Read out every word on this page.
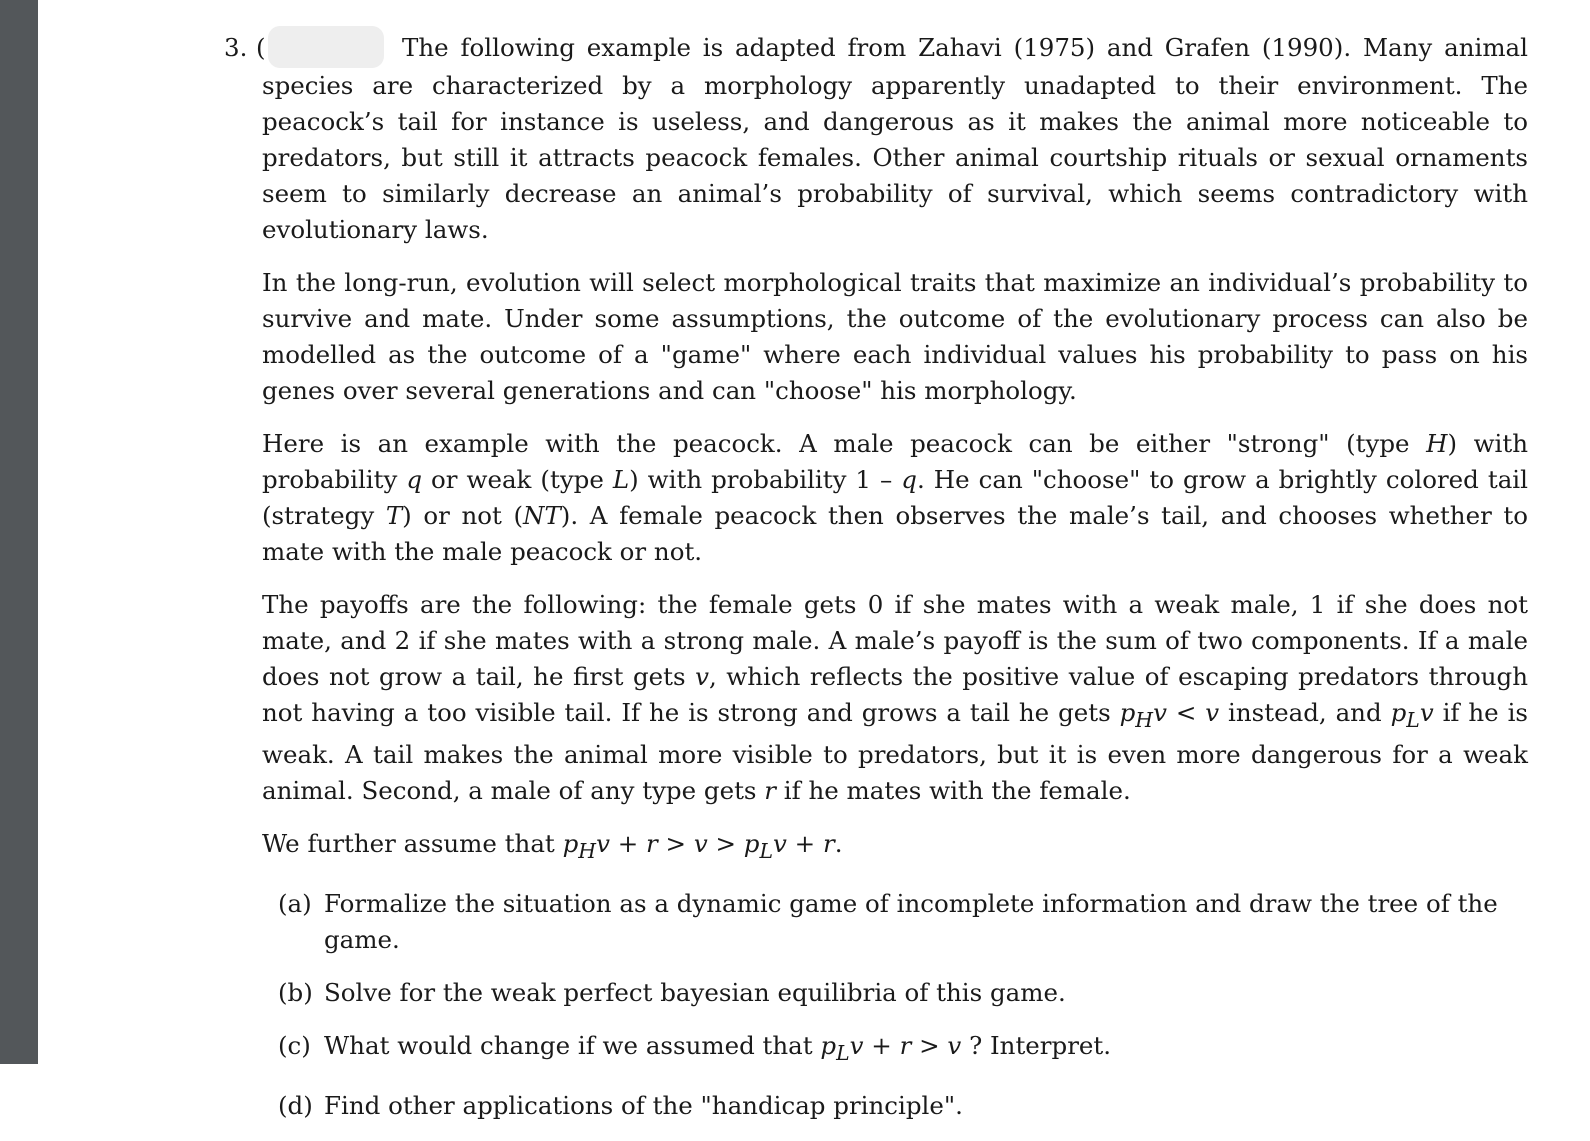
3. (	The following example is adapted from Zahavi (1975) and Grafen (1990). Many animal species are characterized by a morphology apparently unadapted to their environment. The peacock’s tail for instance is useless, and dangerous as it makes the animal more noticeable to predators, but still it attracts peacock females. Other animal courtship rituals or sexual ornaments seem to similarly decrease an animal’s probability of survival, which seems contradictory with evolutionary laws.

In the long-run, evolution will select morphological traits that maximize an individual’s probability to survive and mate. Under some assumptions, the outcome of the evolutionary process can also be modelled as the outcome of a "game" where each individual values his probability to pass on his genes over several generations and can "choose" his morphology.

Here is an example with the peacock. A male peacock can be either "strong" (type H) with probability q or weak (type L) with probability 1 – q. He can "choose" to grow a brightly colored tail (strategy T) or not (NT). A female peacock then observes the male’s tail, and chooses whether to mate with the male peacock or not.

The payoffs are the following: the female gets 0 if she mates with a weak male, 1 if she does not mate, and 2 if she mates with a strong male. A male’s payoff is the sum of two components. If a male does not grow a tail, he first gets v, which reflects the positive value of escaping predators through not having a too visible tail. If he is strong and grows a tail he gets $p_Hv < v$ instead, and $p_Lv$ if he is weak. A tail makes the animal more visible to predators, but it is even more dangerous for a weak animal. Second, a male of any type gets r if he mates with the female.

We further assume that $p_Hv + r > v > p_Lv + r$.

(a) Formalize the situation as a dynamic game of incomplete information and draw the tree of the game.
(b) Solve for the weak perfect bayesian equilibria of this game.
(c) What would change if we assumed that $p_Lv + r > v$ ? Interpret.
(d) Find other applications of the "handicap principle".
